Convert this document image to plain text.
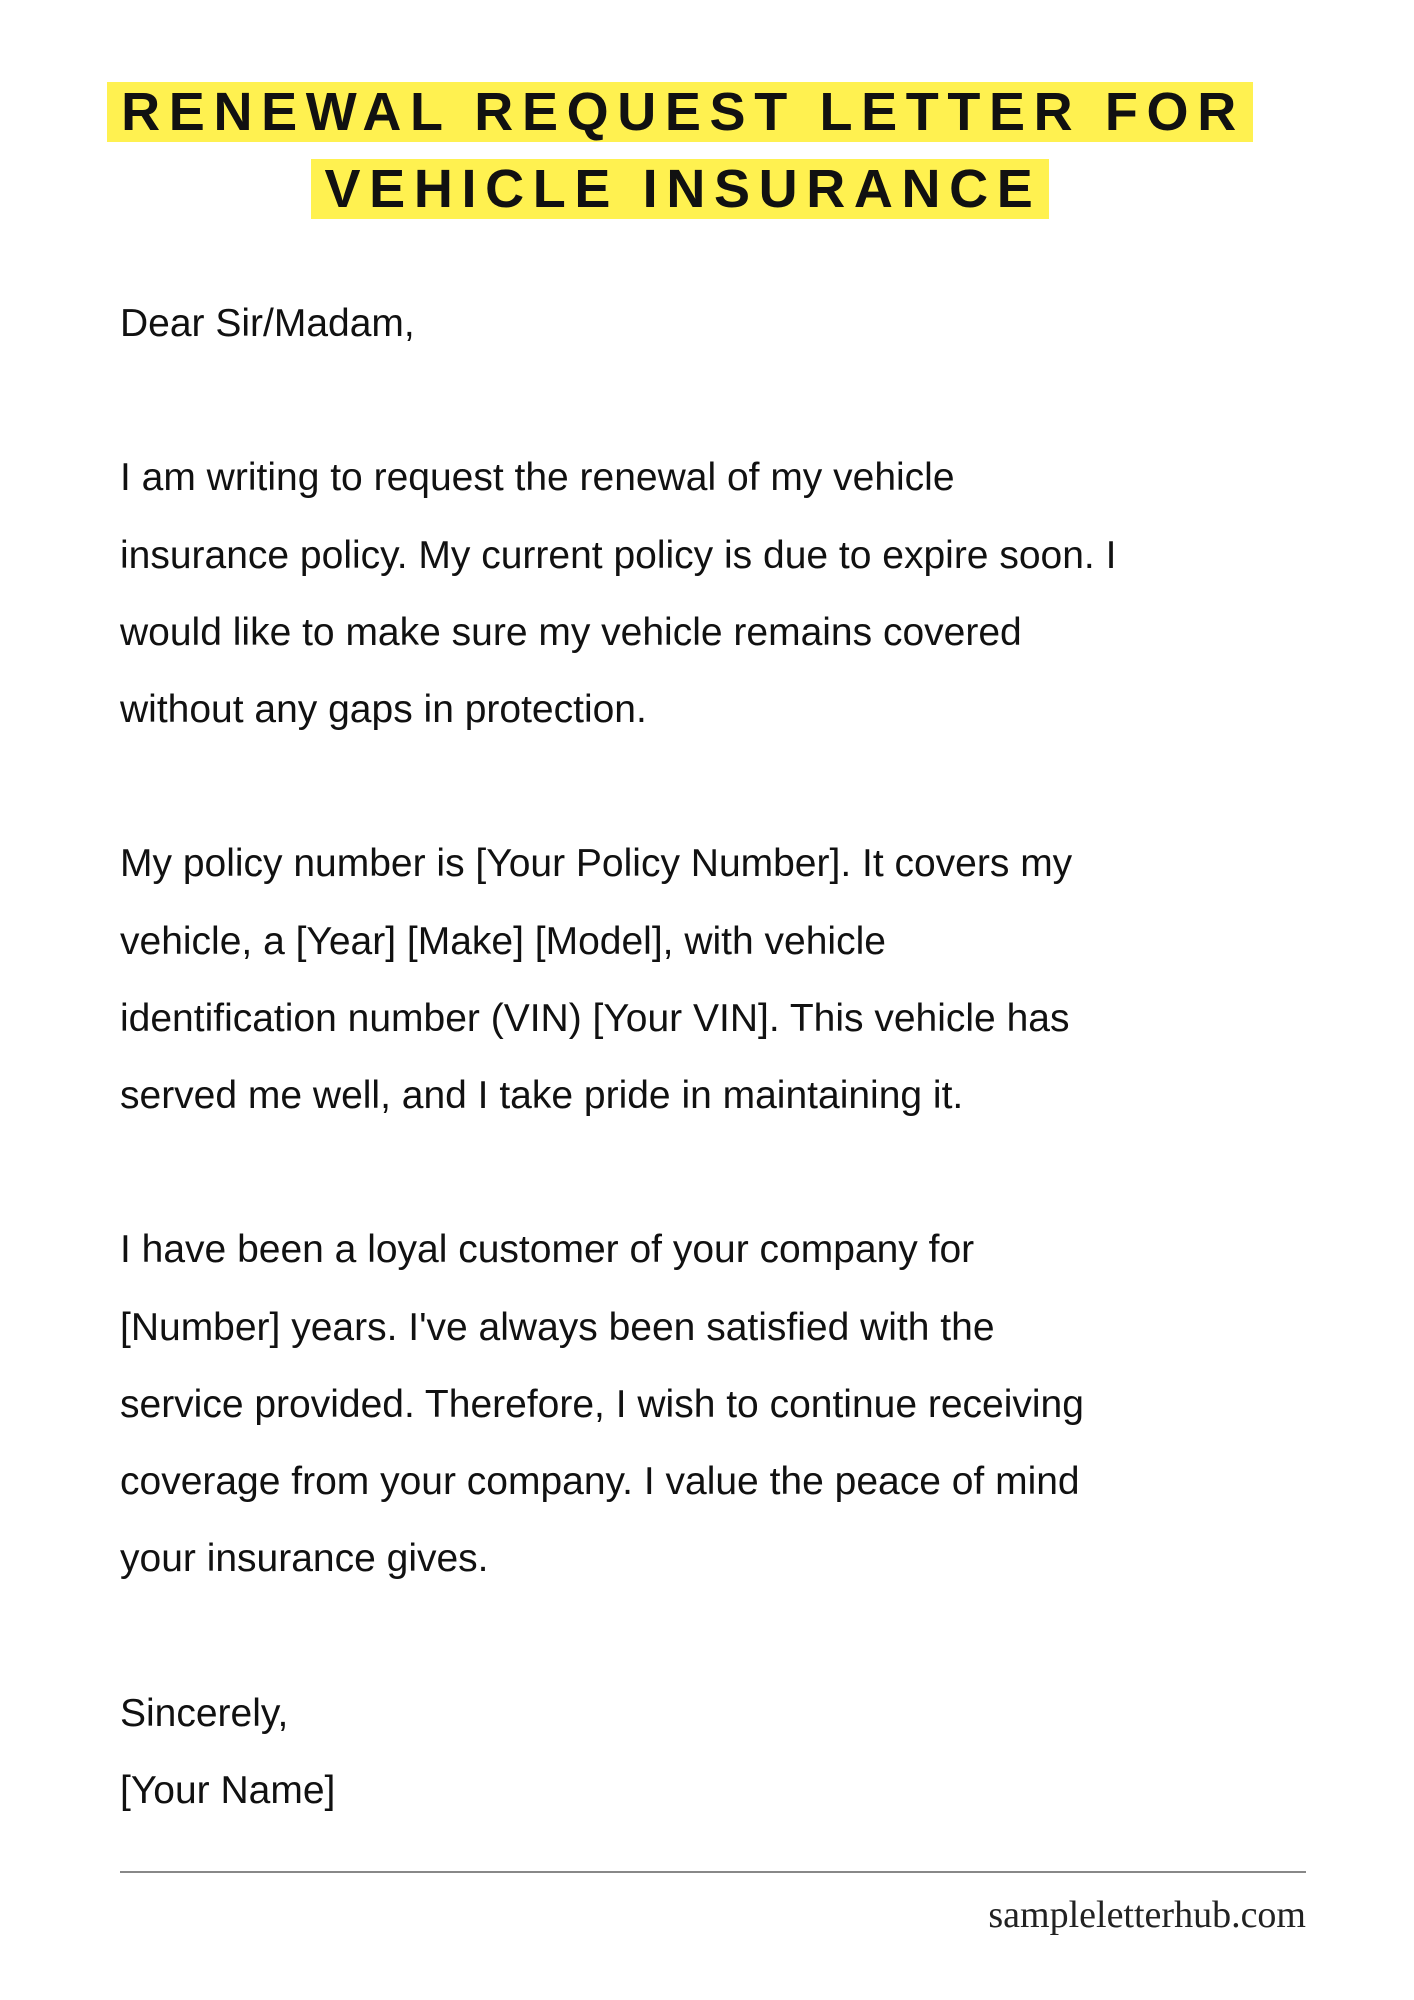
RENEWAL REQUEST LETTER FOR
VEHICLE INSURANCE

Dear Sir/Madam,

I am writing to request the renewal of my vehicle
insurance policy. My current policy is due to expire soon. I
would like to make sure my vehicle remains covered
without any gaps in protection.

My policy number is [Your Policy Number]. It covers my
vehicle, a [Year] [Make] [Model], with vehicle
identification number (VIN) [Your VIN]. This vehicle has
served me well, and I take pride in maintaining it.

I have been a loyal customer of your company for
[Number] years. I've always been satisfied with the
service provided. Therefore, I wish to continue receiving
coverage from your company. I value the peace of mind
your insurance gives.

Sincerely,
[Your Name]

sampleletterhub.com
